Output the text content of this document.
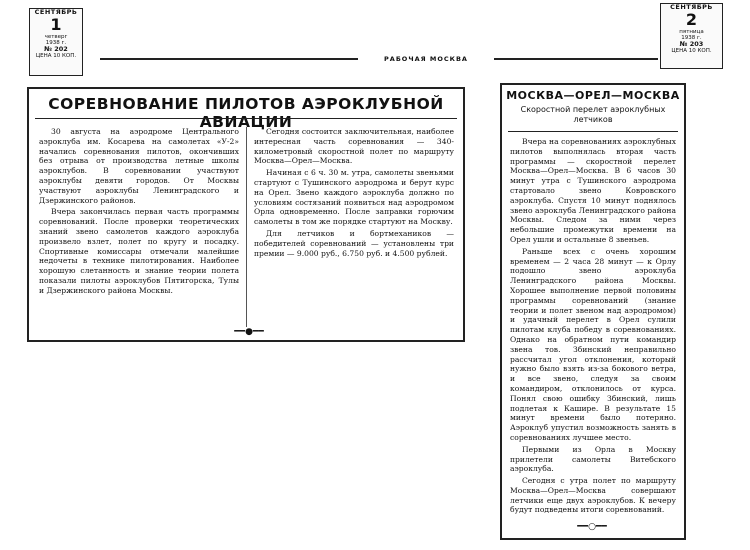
СЕНТЯБРЬ
1
четверг
1938 г.
№ 202
ЦЕНА 10 КОП.
СЕНТЯБРЬ
2
пятница
1938 г.
№ 203
ЦЕНА 10 КОП.
РАБОЧАЯ МОСКВА
СОРЕВНОВАНИЕ ПИЛОТОВ АЭРОКЛУБНОЙ АВИАЦИИ

30 августа на аэродроме Центрального аэроклуба им. Косарева на самолетах «У-2» начались соревнования пилотов, окончивших без отрыва от производства летные школы аэроклубов. В соревновании участвуют аэроклубы девяти городов. От Москвы участвуют аэроклубы Ленинградского и Дзержинского районов.

Вчера закончилась первая часть программы соревнований. После проверки теоретических знаний звено самолетов каждого аэроклуба произвело взлет, полет по кругу и посадку. Спортивные комиссары отмечали малейшие недочеты в технике пилотирования. Наиболее хорошую слетанность и знание теории полета показали пилоты аэроклубов Пятигорска, Тулы и Дзержинского района Москвы.

Сегодня состоится заключительная, наиболее интересная часть соревнования — 340-километровый скоростной полет по маршруту Москва—Орел—Москва.

Начиная с 6 ч. 30 м. утра, самолеты звеньями стартуют с Тушинского аэродрома и берут курс на Орел. Звено каждого аэроклуба должно по условиям состязаний появиться над аэродромом Орла одновременно. После заправки горючим самолеты в том же порядке стартуют на Москву.

Для летчиков и бортмехаников — победителей соревнований — установлены три премии — 9.000 руб., 6.750 руб. и 4.500 рублей.

━━●━━
МОСКВА—ОРЕЛ—МОСКВА
Скоростной перелет аэроклубных летчиков

Вчера на соревнованиях аэроклубных пилотов выполнялась вторая часть программы — скоростной перелет Москва—Орел—Москва. В 6 часов 30 минут утра с Тушинского аэродрома стартовало звено Ковровского аэроклуба. Спустя 10 минут поднялось звено аэроклуба Ленинградского района Москвы. Следом за ними через небольшие промежутки времени на Орел ушли и остальные 8 звеньев.

Раньше всех с очень хорошим временем — 2 часа 28 минут — к Орлу подошло звено аэроклуба Ленинградского района Москвы. Хорошее выполнение первой половины программы соревнований (знание теории и полет звеном над аэродромом) и удачный перелет в Орел сулили пилотам клуба победу в соревнованиях. Однако на обратном пути командир звена тов. Збинский неправильно рассчитал угол отклонения, который нужно было взять из-за бокового ветра, и все звено, следуя за своим командиром, отклонилось от курса. Понял свою ошибку Збинский, лишь подлетая к Кашире. В результате 15 минут времени было потеряно. Аэроклуб упустил возможность занять в соревнованиях лучшее место.

Первыми из Орла в Москву прилетели самолеты Витебского аэроклуба.

Сегодня с утра полет по маршруту Москва—Орел—Москва совершают летчики еще двух аэроклубов. К вечеру будут подведены итоги соревнований.

━━○━━
